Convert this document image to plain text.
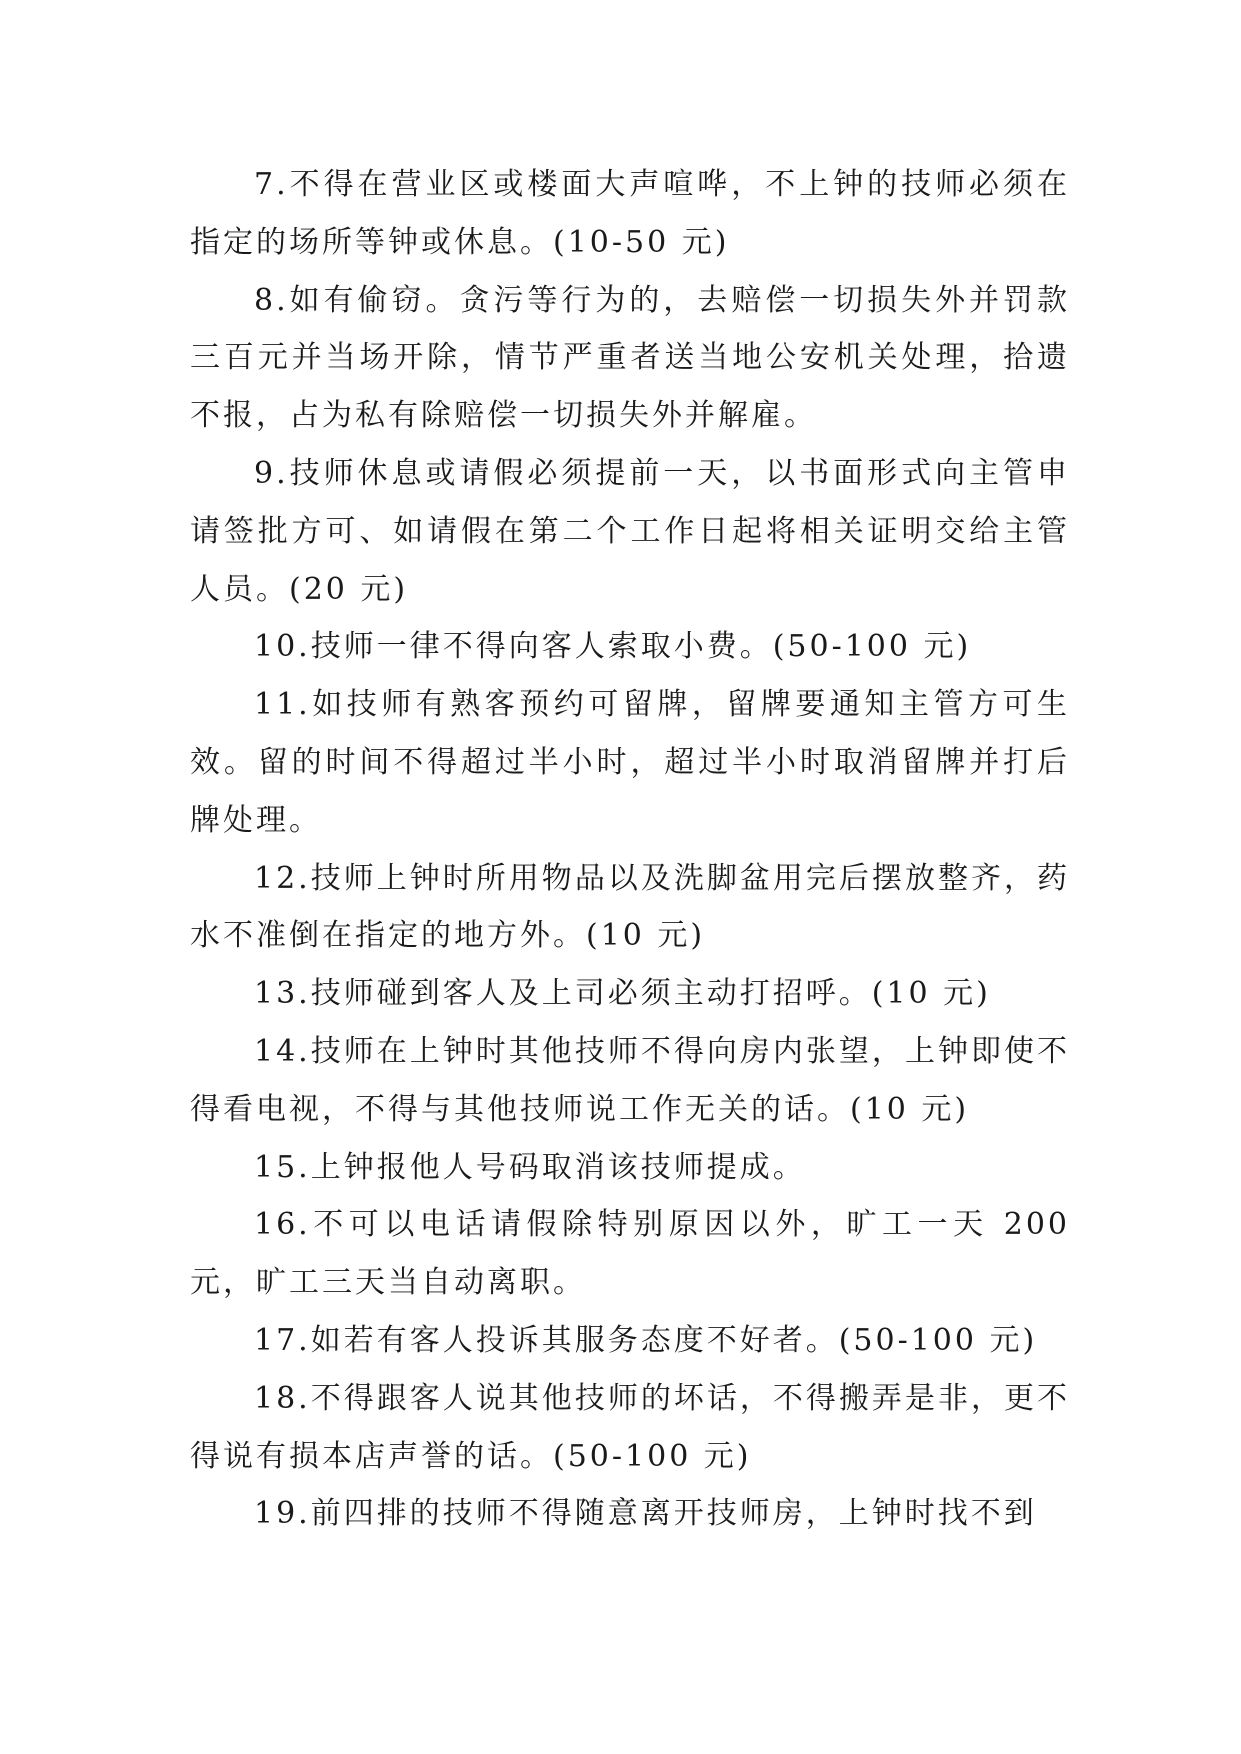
7.不得在营业区或楼面大声喧哗，不上钟的技师必须在指定的场所等钟或休息。(10-50 元)

8.如有偷窃。贪污等行为的，去赔偿一切损失外并罚款三百元并当场开除，情节严重者送当地公安机关处理，拾遗不报，占为私有除赔偿一切损失外并解雇。

9.技师休息或请假必须提前一天，以书面形式向主管申请签批方可、如请假在第二个工作日起将相关证明交给主管人员。(20 元)

10.技师一律不得向客人索取小费。(50-100 元)

11.如技师有熟客预约可留牌，留牌要通知主管方可生效。留的时间不得超过半小时，超过半小时取消留牌并打后牌处理。

12.技师上钟时所用物品以及洗脚盆用完后摆放整齐，药水不准倒在指定的地方外。(10 元)

13.技师碰到客人及上司必须主动打招呼。(10 元)

14.技师在上钟时其他技师不得向房内张望，上钟即使不得看电视，不得与其他技师说工作无关的话。(10 元)

15.上钟报他人号码取消该技师提成。

16.不可以电话请假除特别原因以外，旷工一天 200 元，旷工三天当自动离职。

17.如若有客人投诉其服务态度不好者。(50-100 元)

18.不得跟客人说其他技师的坏话，不得搬弄是非，更不得说有损本店声誉的话。(50-100 元)

19.前四排的技师不得随意离开技师房，上钟时找不到
